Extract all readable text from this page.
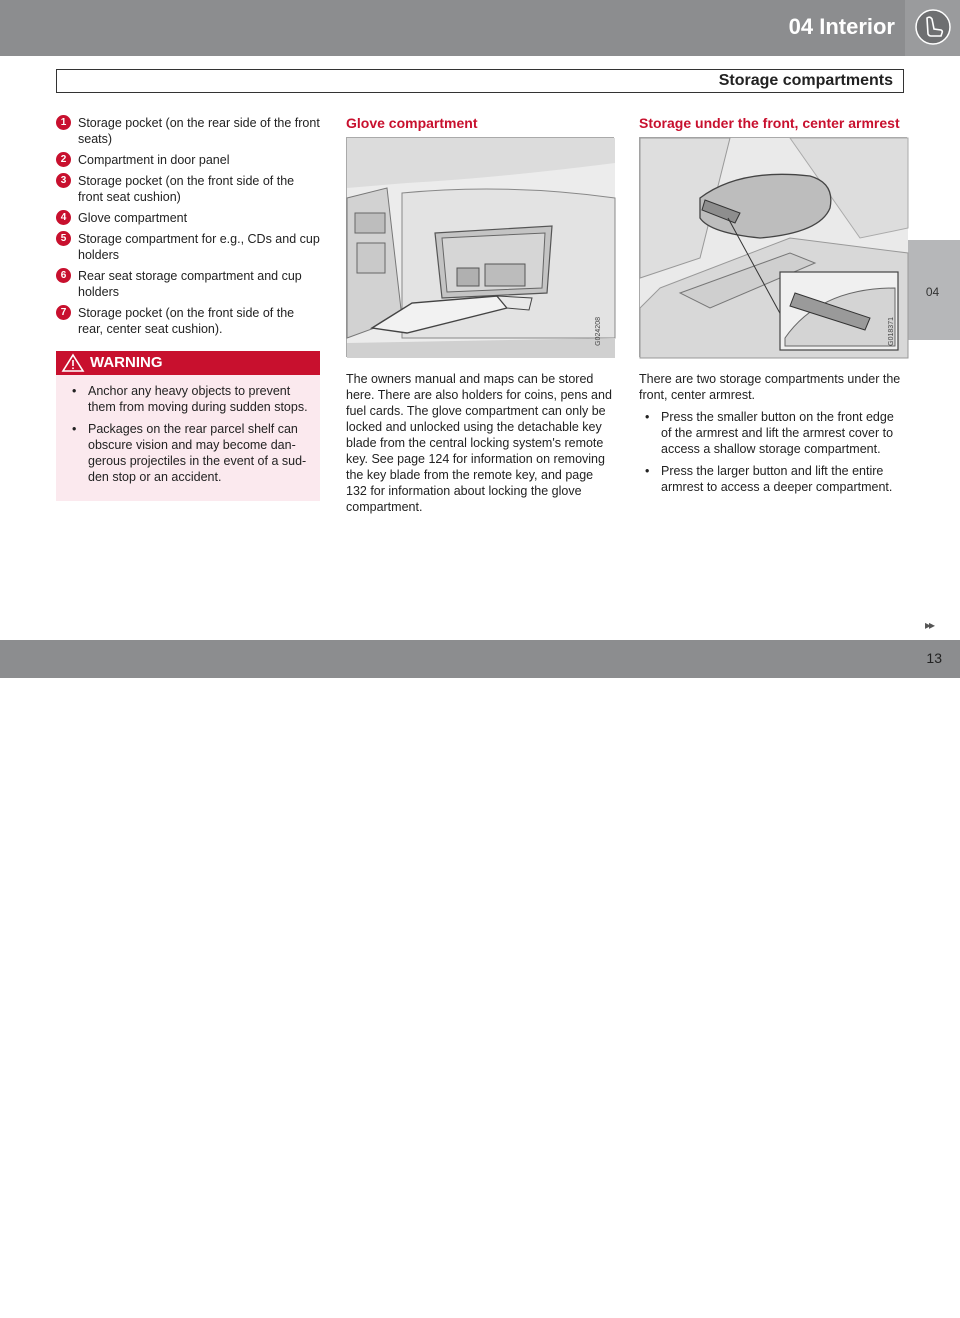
04 Interior
Storage compartments
04
1 Storage pocket (on the rear side of the front seats)
2 Compartment in door panel
3 Storage pocket (on the front side of the front seat cushion)
4 Glove compartment
5 Storage compartment for e.g., CDs and cup holders
6 Rear seat storage compartment and cup holders
7 Storage pocket (on the front side of the rear, center seat cushion).
WARNING
• Anchor any heavy objects to prevent them from moving during sudden stops.
• Packages on the rear parcel shelf can obscure vision and may become dan-gerous projectiles in the event of a sud-den stop or an accident.
Glove compartment
G024208
The owners manual and maps can be stored here. There are also holders for coins, pens and fuel cards. The glove compartment can only be locked and unlocked using the detachable key blade from the central locking system's remote key. See page 124 for information on removing the key blade from the remote key, and page 132 for information about locking the glove compartment.
Storage under the front, center armrest
G018371
There are two storage compartments under the front, center armrest.
• Press the smaller button on the front edge of the armrest and lift the armrest cover to access a shallow storage compartment.
• Press the larger button and lift the entire armrest to access a deeper compartment.
▸▸
carmanualsonline.info
13
